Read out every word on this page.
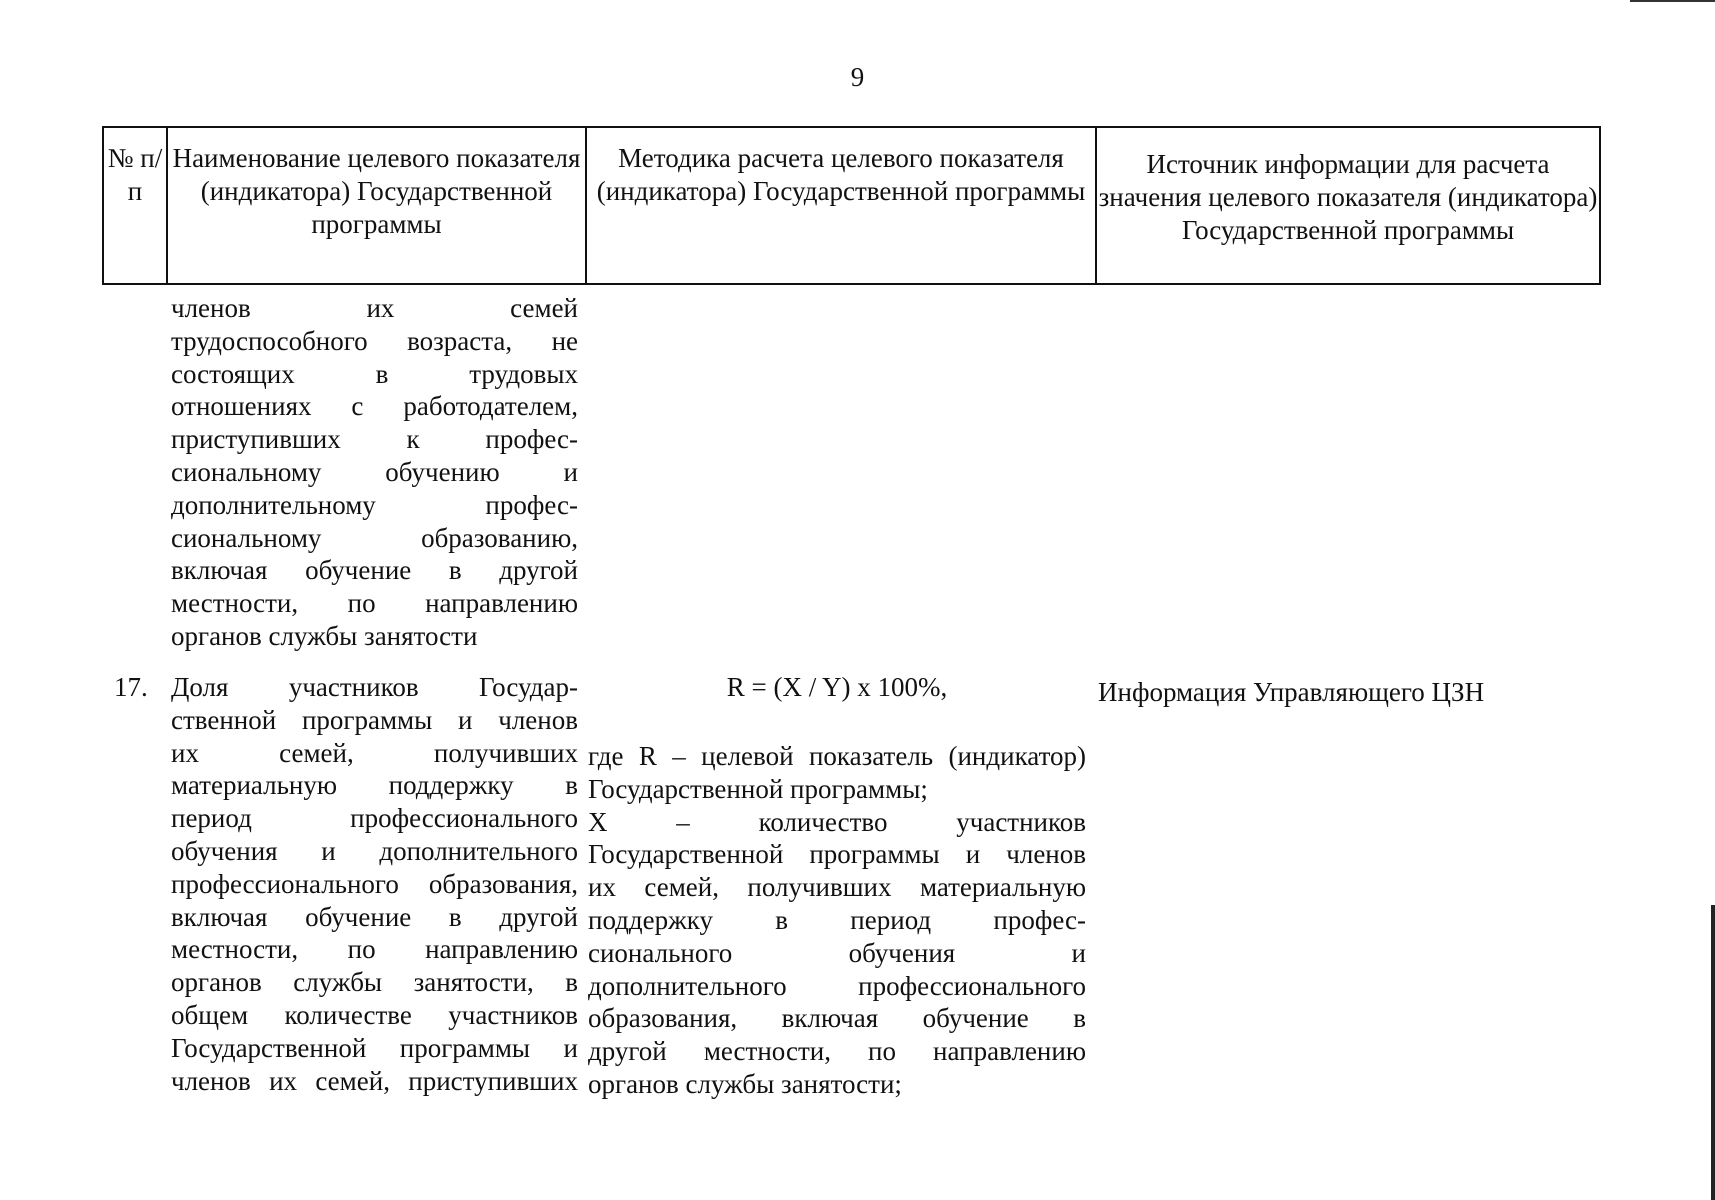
9
№ п/п
Наименование целевого показателя (индикатора) Государственной программы
Методика расчета целевого показателя (индикатора) Государственной программы
Источник информации для расчета значения целевого показателя (индикатора) Государственной программы
членов их семей
трудоспособного возраста, не
состоящих в трудовых
отношениях с работодателем,
приступивших к профес-
сиональному обучению и
дополнительному профес-
сиональному образованию,
включая обучение в другой
местности, по направлению
органов службы занятости
17. Доля участников Государ-
ственной программы и членов
их семей, получивших
материальную поддержку в
период профессионального
обучения и дополнительного
профессионального образования,
включая обучение в другой
местности, по направлению
органов службы занятости, в
общем количестве участников
Государственной программы и
членов их семей, приступивших
R = (X / Y) x 100%,
где R – целевой показатель (индикатор)
Государственной программы;
X – количество участников
Государственной программы и членов
их семей, получивших материальную
поддержку в период профес-
сионального обучения и
дополнительного профессионального
образования, включая обучение в
другой местности, по направлению
органов службы занятости;
Информация Управляющего ЦЗН
